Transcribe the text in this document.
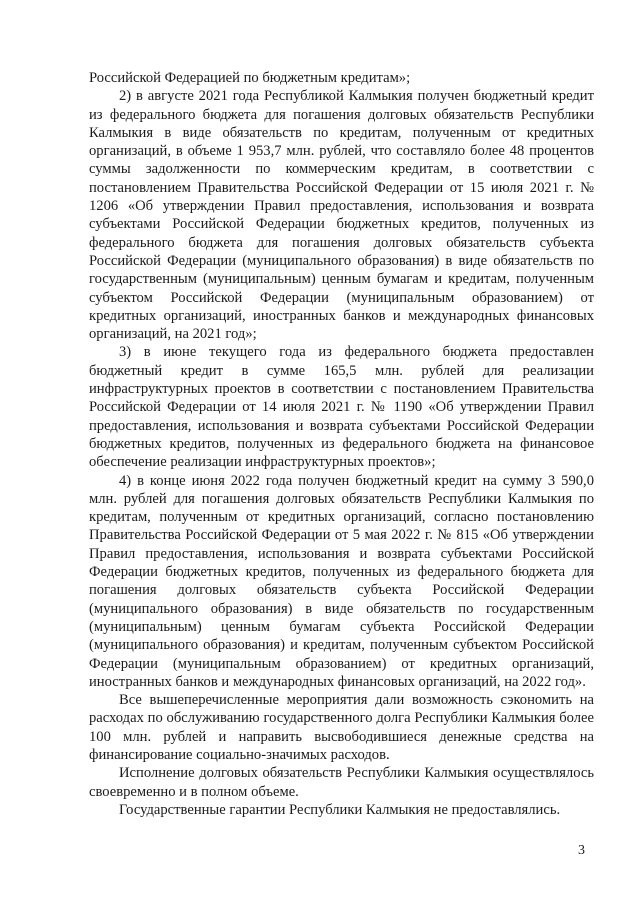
Российской Федерацией по бюджетным кредитам»;

2) в августе 2021 года Республикой Калмыкия получен бюджетный кредит из федерального бюджета для погашения долговых обязательств Республики Калмыкия в виде обязательств по кредитам, полученным от кредитных организаций, в объеме 1 953,7 млн. рублей, что составляло более 48 процентов суммы задолженности по коммерческим кредитам, в соответствии с постановлением Правительства Российской Федерации от 15 июля 2021 г. № 1206 «Об утверждении Правил предоставления, использования и возврата субъектами Российской Федерации бюджетных кредитов, полученных из федерального бюджета для погашения долговых обязательств субъекта Российской Федерации (муниципального образования) в виде обязательств по государственным (муниципальным) ценным бумагам и кредитам, полученным субъектом Российской Федерации (муниципальным образованием) от кредитных организаций, иностранных банков и международных финансовых организаций, на 2021 год»;

3) в июне текущего года из федерального бюджета предоставлен бюджетный кредит в сумме 165,5 млн. рублей для реализации инфраструктурных проектов в соответствии с постановлением Правительства Российской Федерации от 14 июля 2021 г. № 1190 «Об утверждении Правил предоставления, использования и возврата субъектами Российской Федерации бюджетных кредитов, полученных из федерального бюджета на финансовое обеспечение реализации инфраструктурных проектов»;

4) в конце июня 2022 года получен бюджетный кредит на сумму 3 590,0 млн. рублей для погашения долговых обязательств Республики Калмыкия по кредитам, полученным от кредитных организаций, согласно постановлению Правительства Российской Федерации от 5 мая 2022 г. № 815 «Об утверждении Правил предоставления, использования и возврата субъектами Российской Федерации бюджетных кредитов, полученных из федерального бюджета для погашения долговых обязательств субъекта Российской Федерации (муниципального образования) в виде обязательств по государственным (муниципальным) ценным бумагам субъекта Российской Федерации (муниципального образования) и кредитам, полученным субъектом Российской Федерации (муниципальным образованием) от кредитных организаций, иностранных банков и международных финансовых организаций, на 2022 год».

Все вышеперечисленные мероприятия дали возможность сэкономить на расходах по обслуживанию государственного долга Республики Калмыкия более 100 млн. рублей и направить высвободившиеся денежные средства на финансирование социально-значимых расходов.

Исполнение долговых обязательств Республики Калмыкия осуществлялось своевременно и в полном объеме.

Государственные гарантии Республики Калмыкия не предоставлялись.

3
